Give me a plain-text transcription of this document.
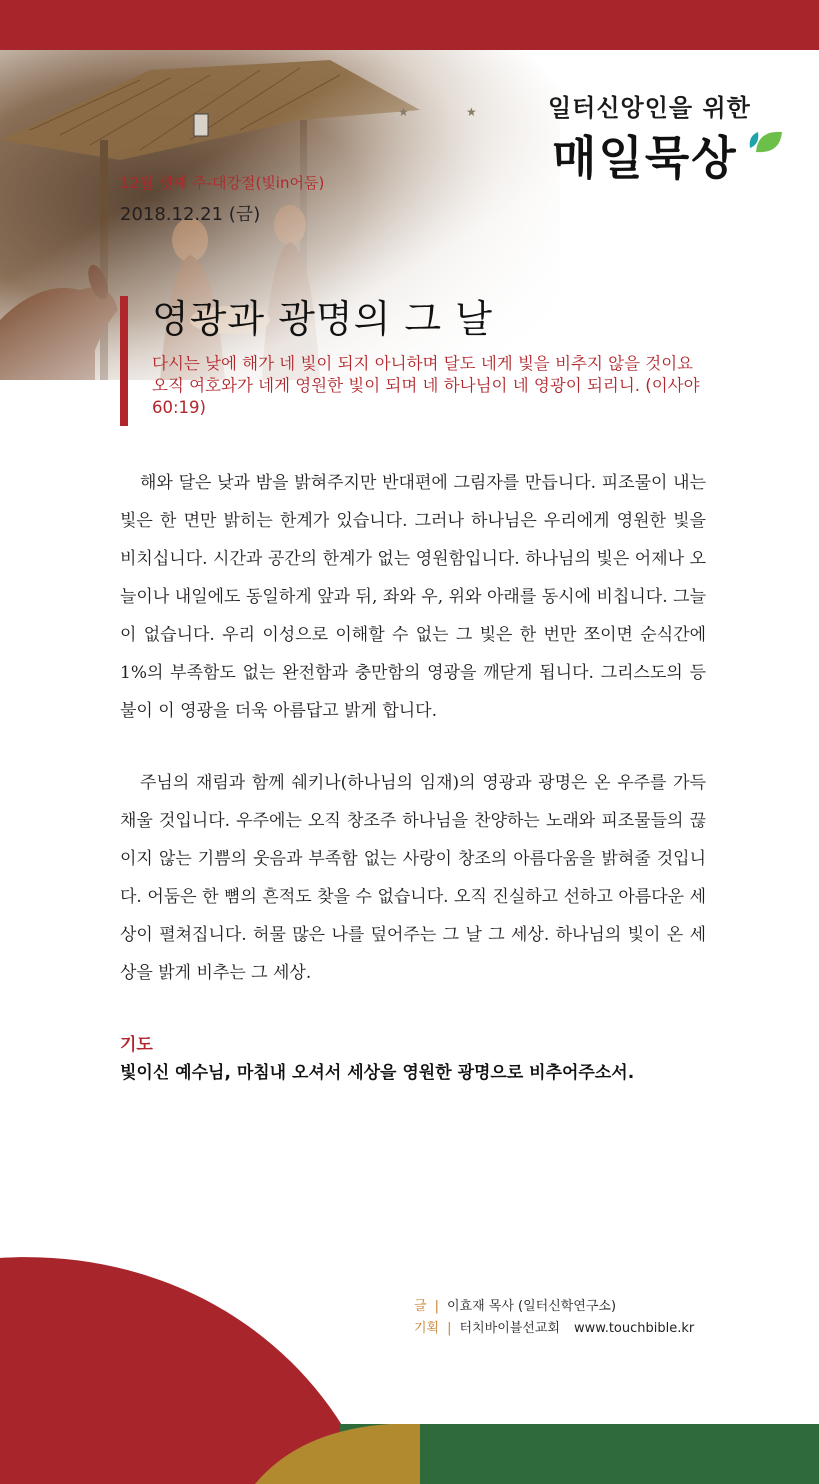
★	★	일터신앙인을 위한
매일묵상
12월 셋째 주-대강절(빛in어둠)
2018.12.21 (금)
영광과 광명의 그 날
다시는 낮에 해가 네 빛이 되지 아니하며 달도 네게 빛을 비추지 않을 것이요 오직 여호와가 네게 영원한 빛이 되며 네 하나님이 네 영광이 되리니. (이사야 60:19)

해와 달은 낮과 밤을 밝혀주지만 반대편에 그림자를 만듭니다. 피조물이 내는 빛은 한 면만 밝히는 한계가 있습니다. 그러나 하나님은 우리에게 영원한 빛을 비치십니다. 시간과 공간의 한계가 없는 영원함입니다. 하나님의 빛은 어제나 오늘이나 내일에도 동일하게 앞과 뒤, 좌와 우, 위와 아래를 동시에 비칩니다. 그늘이 없습니다. 우리 이성으로 이해할 수 없는 그 빛은 한 번만 쪼이면 순식간에 1%의 부족함도 없는 완전함과 충만함의 영광을 깨닫게 됩니다. 그리스도의 등불이 이 영광을 더욱 아름답고 밝게 합니다.

주님의 재림과 함께 쉐키나(하나님의 임재)의 영광과 광명은 온 우주를 가득 채울 것입니다. 우주에는 오직 창조주 하나님을 찬양하는 노래와 피조물들의 끊이지 않는 기쁨의 웃음과 부족함 없는 사랑이 창조의 아름다움을 밝혀줄 것입니다. 어둠은 한 뼘의 흔적도 찾을 수 없습니다. 오직 진실하고 선하고 아름다운 세상이 펼쳐집니다. 허물 많은 나를 덮어주는 그 날 그 세상. 하나님의 빛이 온 세상을 밝게 비추는 그 세상.

기도
빛이신 예수님, 마침내 오셔서 세상을 영원한 광명으로 비추어주소서.
글 | 이효재 목사 (일터신학연구소)
기획 | 터치바이블선교회 www.touchbible.kr
